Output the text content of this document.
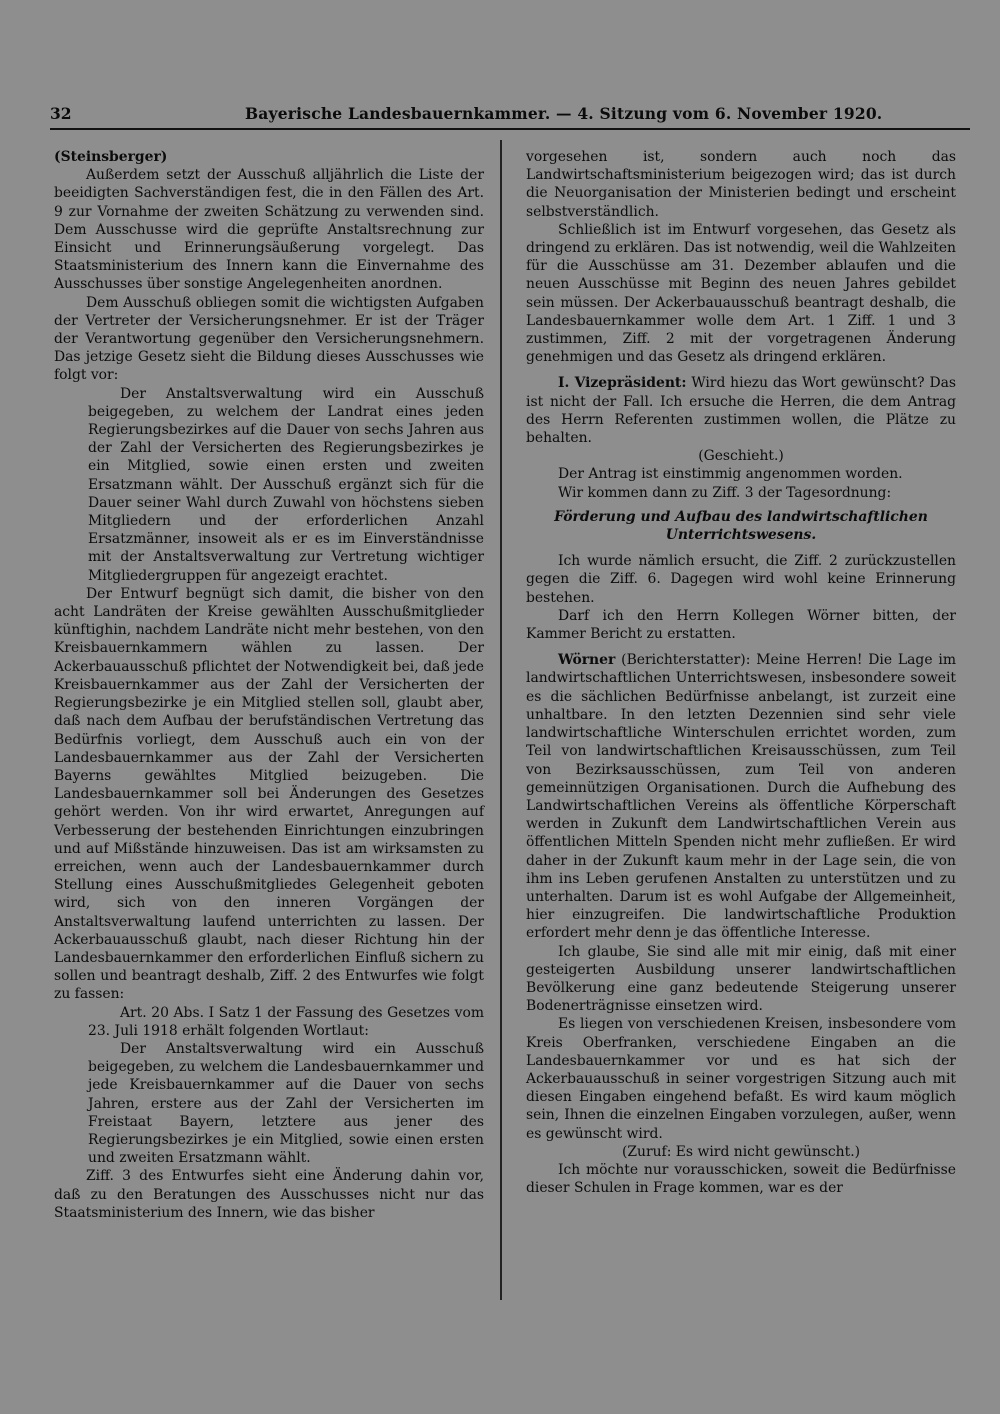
32	Bayerische Landesbauernkammer. — 4. Sitzung vom 6. November 1920.

(Steinsberger)

Außerdem setzt der Ausschuß alljährlich die Liste der beeidigten Sachverständigen fest, die in den Fällen des Art. 9 zur Vornahme der zweiten Schätzung zu verwenden sind. Dem Ausschusse wird die geprüfte Anstaltsrechnung zur Einsicht und Erinnerungsäußerung vorgelegt. Das Staatsministerium des Innern kann die Einvernahme des Ausschusses über sonstige Angelegenheiten anordnen.

Dem Ausschuß obliegen somit die wichtigsten Aufgaben der Vertreter der Versicherungsnehmer. Er ist der Träger der Verantwortung gegenüber den Versicherungsnehmern. Das jetzige Gesetz sieht die Bildung dieses Ausschusses wie folgt vor:

Der Anstaltsverwaltung wird ein Ausschuß beigegeben, zu welchem der Landrat eines jeden Regierungsbezirkes auf die Dauer von sechs Jahren aus der Zahl der Versicherten des Regierungsbezirkes je ein Mitglied, sowie einen ersten und zweiten Ersatzmann wählt. Der Ausschuß ergänzt sich für die Dauer seiner Wahl durch Zuwahl von höchstens sieben Mitgliedern und der erforderlichen Anzahl Ersatzmänner, insoweit als er es im Einverständnisse mit der Anstaltsverwaltung zur Vertretung wichtiger Mitgliedergruppen für angezeigt erachtet.

Der Entwurf begnügt sich damit, die bisher von den acht Landräten der Kreise gewählten Ausschußmitglieder künftighin, nachdem Landräte nicht mehr bestehen, von den Kreisbauernkammern wählen zu lassen. Der Ackerbauausschuß pflichtet der Notwendigkeit bei, daß jede Kreisbauernkammer aus der Zahl der Versicherten der Regierungsbezirke je ein Mitglied stellen soll, glaubt aber, daß nach dem Aufbau der berufständischen Vertretung das Bedürfnis vorliegt, dem Ausschuß auch ein von der Landesbauernkammer aus der Zahl der Versicherten Bayerns gewähltes Mitglied beizugeben. Die Landesbauernkammer soll bei Änderungen des Gesetzes gehört werden. Von ihr wird erwartet, Anregungen auf Verbesserung der bestehenden Einrichtungen einzubringen und auf Mißstände hinzuweisen. Das ist am wirksamsten zu erreichen, wenn auch der Landesbauernkammer durch Stellung eines Ausschußmitgliedes Gelegenheit geboten wird, sich von den inneren Vorgängen der Anstaltsverwaltung laufend unterrichten zu lassen. Der Ackerbauausschuß glaubt, nach dieser Richtung hin der Landesbauernkammer den erforderlichen Einfluß sichern zu sollen und beantragt deshalb, Ziff. 2 des Entwurfes wie folgt zu fassen:

Art. 20 Abs. I Satz 1 der Fassung des Gesetzes vom 23. Juli 1918 erhält folgenden Wortlaut:

Der Anstaltsverwaltung wird ein Ausschuß beigegeben, zu welchem die Landesbauernkammer und jede Kreisbauernkammer auf die Dauer von sechs Jahren, erstere aus der Zahl der Versicherten im Freistaat Bayern, letztere aus jener des Regierungsbezirkes je ein Mitglied, sowie einen ersten und zweiten Ersatzmann wählt.

Ziff. 3 des Entwurfes sieht eine Änderung dahin vor, daß zu den Beratungen des Ausschusses nicht nur das Staatsministerium des Innern, wie das bisher

vorgesehen ist, sondern auch noch das Landwirtschaftsministerium beigezogen wird; das ist durch die Neuorganisation der Ministerien bedingt und erscheint selbstverständlich.

Schließlich ist im Entwurf vorgesehen, das Gesetz als dringend zu erklären. Das ist notwendig, weil die Wahlzeiten für die Ausschüsse am 31. Dezember ablaufen und die neuen Ausschüsse mit Beginn des neuen Jahres gebildet sein müssen. Der Ackerbauausschuß beantragt deshalb, die Landesbauernkammer wolle dem Art. 1 Ziff. 1 und 3 zustimmen, Ziff. 2 mit der vorgetragenen Änderung genehmigen und das Gesetz als dringend erklären.

I. Vizepräsident: Wird hiezu das Wort gewünscht? Das ist nicht der Fall. Ich ersuche die Herren, die dem Antrag des Herrn Referenten zustimmen wollen, die Plätze zu behalten.

(Geschieht.)

Der Antrag ist einstimmig angenommen worden.

Wir kommen dann zu Ziff. 3 der Tagesordnung:

Förderung und Aufbau des landwirtschaftlichen Unterrichtswesens.

Ich wurde nämlich ersucht, die Ziff. 2 zurückzustellen gegen die Ziff. 6. Dagegen wird wohl keine Erinnerung bestehen.

Darf ich den Herrn Kollegen Wörner bitten, der Kammer Bericht zu erstatten.

Wörner (Berichterstatter): Meine Herren! Die Lage im landwirtschaftlichen Unterrichtswesen, insbesondere soweit es die sächlichen Bedürfnisse anbelangt, ist zurzeit eine unhaltbare. In den letzten Dezennien sind sehr viele landwirtschaftliche Winterschulen errichtet worden, zum Teil von landwirtschaftlichen Kreisausschüssen, zum Teil von Bezirksausschüssen, zum Teil von anderen gemeinnützigen Organisationen. Durch die Aufhebung des Landwirtschaftlichen Vereins als öffentliche Körperschaft werden in Zukunft dem Landwirtschaftlichen Verein aus öffentlichen Mitteln Spenden nicht mehr zufließen. Er wird daher in der Zukunft kaum mehr in der Lage sein, die von ihm ins Leben gerufenen Anstalten zu unterstützen und zu unterhalten. Darum ist es wohl Aufgabe der Allgemeinheit, hier einzugreifen. Die landwirtschaftliche Produktion erfordert mehr denn je das öffentliche Interesse.

Ich glaube, Sie sind alle mit mir einig, daß mit einer gesteigerten Ausbildung unserer landwirtschaftlichen Bevölkerung eine ganz bedeutende Steigerung unserer Bodenerträgnisse einsetzen wird.

Es liegen von verschiedenen Kreisen, insbesondere vom Kreis Oberfranken, verschiedene Eingaben an die Landesbauernkammer vor und es hat sich der Ackerbauausschuß in seiner vorgestrigen Sitzung auch mit diesen Eingaben eingehend befaßt. Es wird kaum möglich sein, Ihnen die einzelnen Eingaben vorzulegen, außer, wenn es gewünscht wird.

(Zuruf: Es wird nicht gewünscht.)

Ich möchte nur vorausschicken, soweit die Bedürfnisse dieser Schulen in Frage kommen, war es der
